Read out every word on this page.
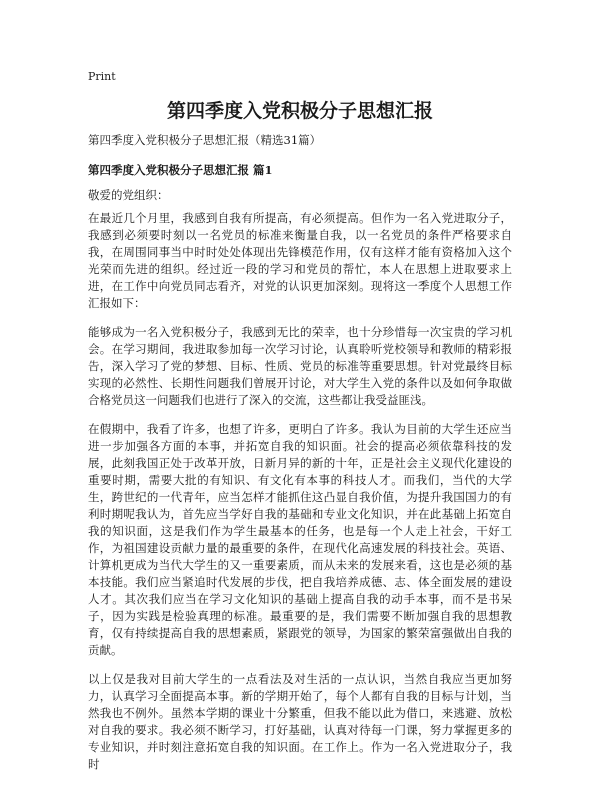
Print
第四季度入党积极分子思想汇报
第四季度入党积极分子思想汇报（精选31篇）
第四季度入党积极分子思想汇报 篇1
敬爱的党组织：

在最近几个月里，我感到自我有所提高，有必须提高。但作为一名入党进取分子，我感到必须要时刻以一名党员的标准来衡量自我，以一名党员的条件严格要求自我，在周围同事当中时时处处体现出先锋模范作用，仅有这样才能有资格加入这个光荣而先进的组织。经过近一段的学习和党员的帮忙，本人在思想上进取要求上进，在工作中向党员同志看齐，对党的认识更加深刻。现将这一季度个人思想工作汇报如下：

能够成为一名入党积极分子，我感到无比的荣幸，也十分珍惜每一次宝贵的学习机会。在学习期间，我进取参加每一次学习讨论，认真聆听党校领导和教师的精彩报告，深入学习了党的梦想、目标、性质、党员的标准等重要思想。针对党最终目标实现的必然性、长期性问题我们曾展开讨论，对大学生入党的条件以及如何争取做合格党员这一问题我们也进行了深入的交流，这些都让我受益匪浅。

在假期中，我看了许多，也想了许多，更明白了许多。我认为目前的大学生还应当进一步加强各方面的本事，并拓宽自我的知识面。社会的提高必须依靠科技的发展，此刻我国正处于改革开放，日新月异的新的十年，正是社会主义现代化建设的重要时期，需要大批的有知识、有文化有本事的科技人才。而我们，当代的大学生，跨世纪的一代青年，应当怎样才能抓住这凸显自我价值，为提升我国国力的有利时期呢我认为，首先应当学好自我的基础和专业文化知识，并在此基础上拓宽自我的知识面，这是我们作为学生最基本的任务，也是每一个人走上社会，干好工作，为祖国建设贡献力量的最重要的条件，在现代化高速发展的科技社会。英语、计算机更成为当代大学生的又一重要素质，而从未来的发展来看，这也是必须的基本技能。我们应当紧追时代发展的步伐，把自我培养成德、志、体全面发展的建设人才。其次我们应当在学习文化知识的基础上提高自我的动手本事，而不是书呆子，因为实践是检验真理的标准。最重要的是，我们需要不断加强自我的思想教育，仅有持续提高自我的思想素质，紧跟党的领导，为国家的繁荣富强做出自我的贡献。

以上仅是我对目前大学生的一点看法及对生活的一点认识，当然自我应当更加努力，认真学习全面提高本事。新的学期开始了，每个人都有自我的目标与计划，当然我也不例外。虽然本学期的课业十分繁重，但我不能以此为借口，来逃避、放松对自我的要求。我必须不断学习，打好基础，认真对待每一门课，努力掌握更多的专业知识，并时刻注意拓宽自我的知识面。在工作上。作为一名入党进取分子，我时
